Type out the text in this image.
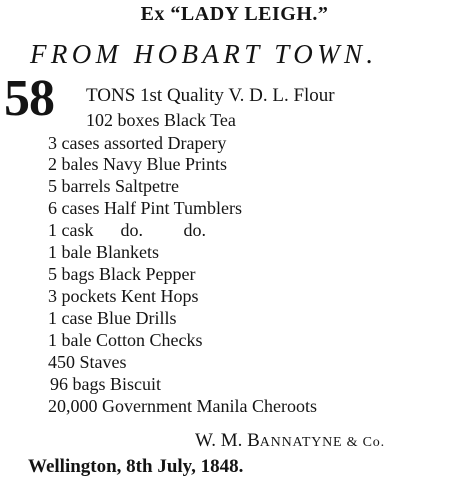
Ex “LADY LEIGH.”
FROM HOBART TOWN.
58 TONS 1st Quality V. D. L. Flour
102 boxes Black Tea
3 cases assorted Drapery
2 bales Navy Blue Prints
5 barrels Saltpetre
6 cases Half Pint Tumblers
1 cask      do.         do.
1 bale Blankets
5 bags Black Pepper
3 pockets Kent Hops
1 case Blue Drills
1 bale Cotton Checks
450 Staves
96 bags Biscuit
20,000 Government Manila Cheroots
W. M. BANNATYNE & Co.
Wellington, 8th July, 1848.
